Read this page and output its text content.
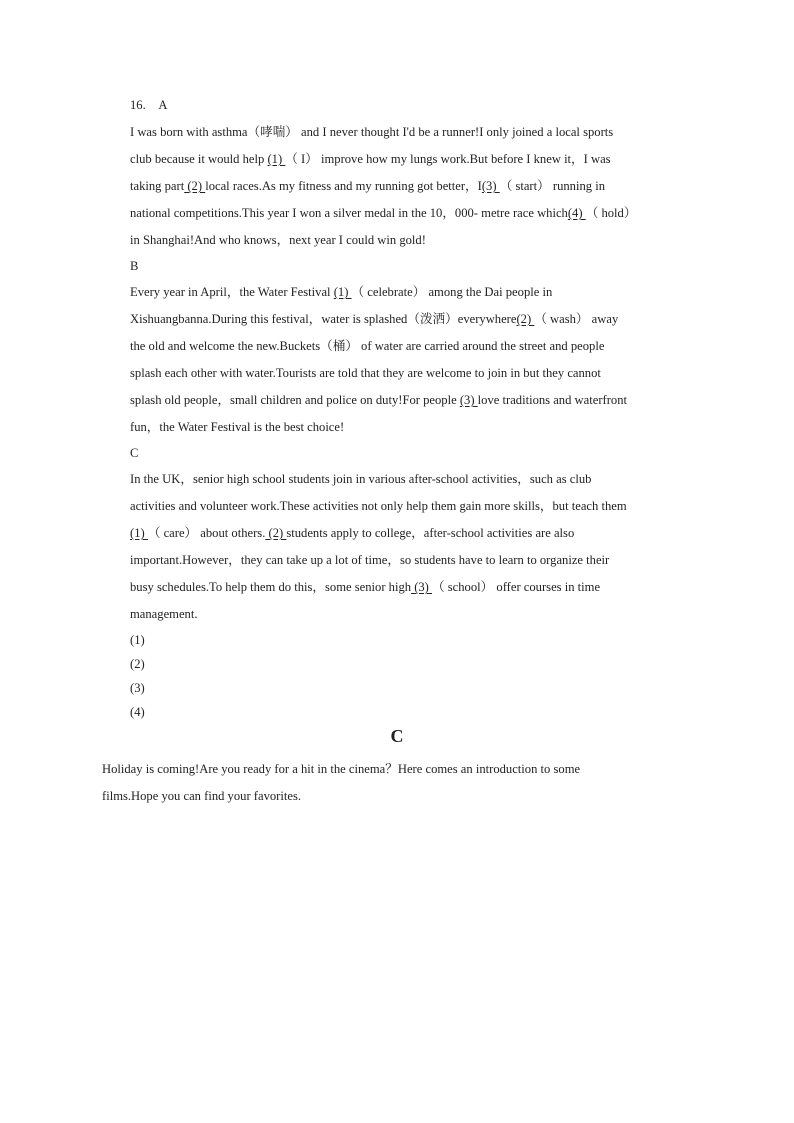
16.　A
I was born with asthma（哮喘） and I never thought I'd be a runner!I only joined a local sports
club because it would help (1) （ I） improve how my lungs work.But before I knew it，I was
taking part (2) local races.As my fitness and my running got better，I(3) （ start） running in
national competitions.This year I won a silver medal in the 10，000- metre race which(4) （ hold）
in Shanghai!And who knows，next year I could win gold!
B
Every year in April，the Water Festival (1) （ celebrate） among the Dai people in
Xishuangbanna.During this festival，water is splashed（泼洒）everywhere(2) （ wash） away
the old and welcome the new.Buckets（桶） of water are carried around the street and people
splash each other with water.Tourists are told that they are welcome to join in but they cannot
splash old people，small children and police on duty!For people (3) love traditions and waterfront
fun，the Water Festival is the best choice!
C
In the UK，senior high school students join in various after-school activities，such as club
activities and volunteer work.These activities not only help them gain more skills，but teach them
(1) （ care） about others. (2) students apply to college，after-school activities are also
important.However，they can take up a lot of time，so students have to learn to organize their
busy schedules.To help them do this，some senior high (3) （ school） offer courses in time
management.
(1)
(2)
(3)
(4)
C
Holiday is coming!Are you ready for a hit in the cinema？Here comes an introduction to some
films.Hope you can find your favorites.
